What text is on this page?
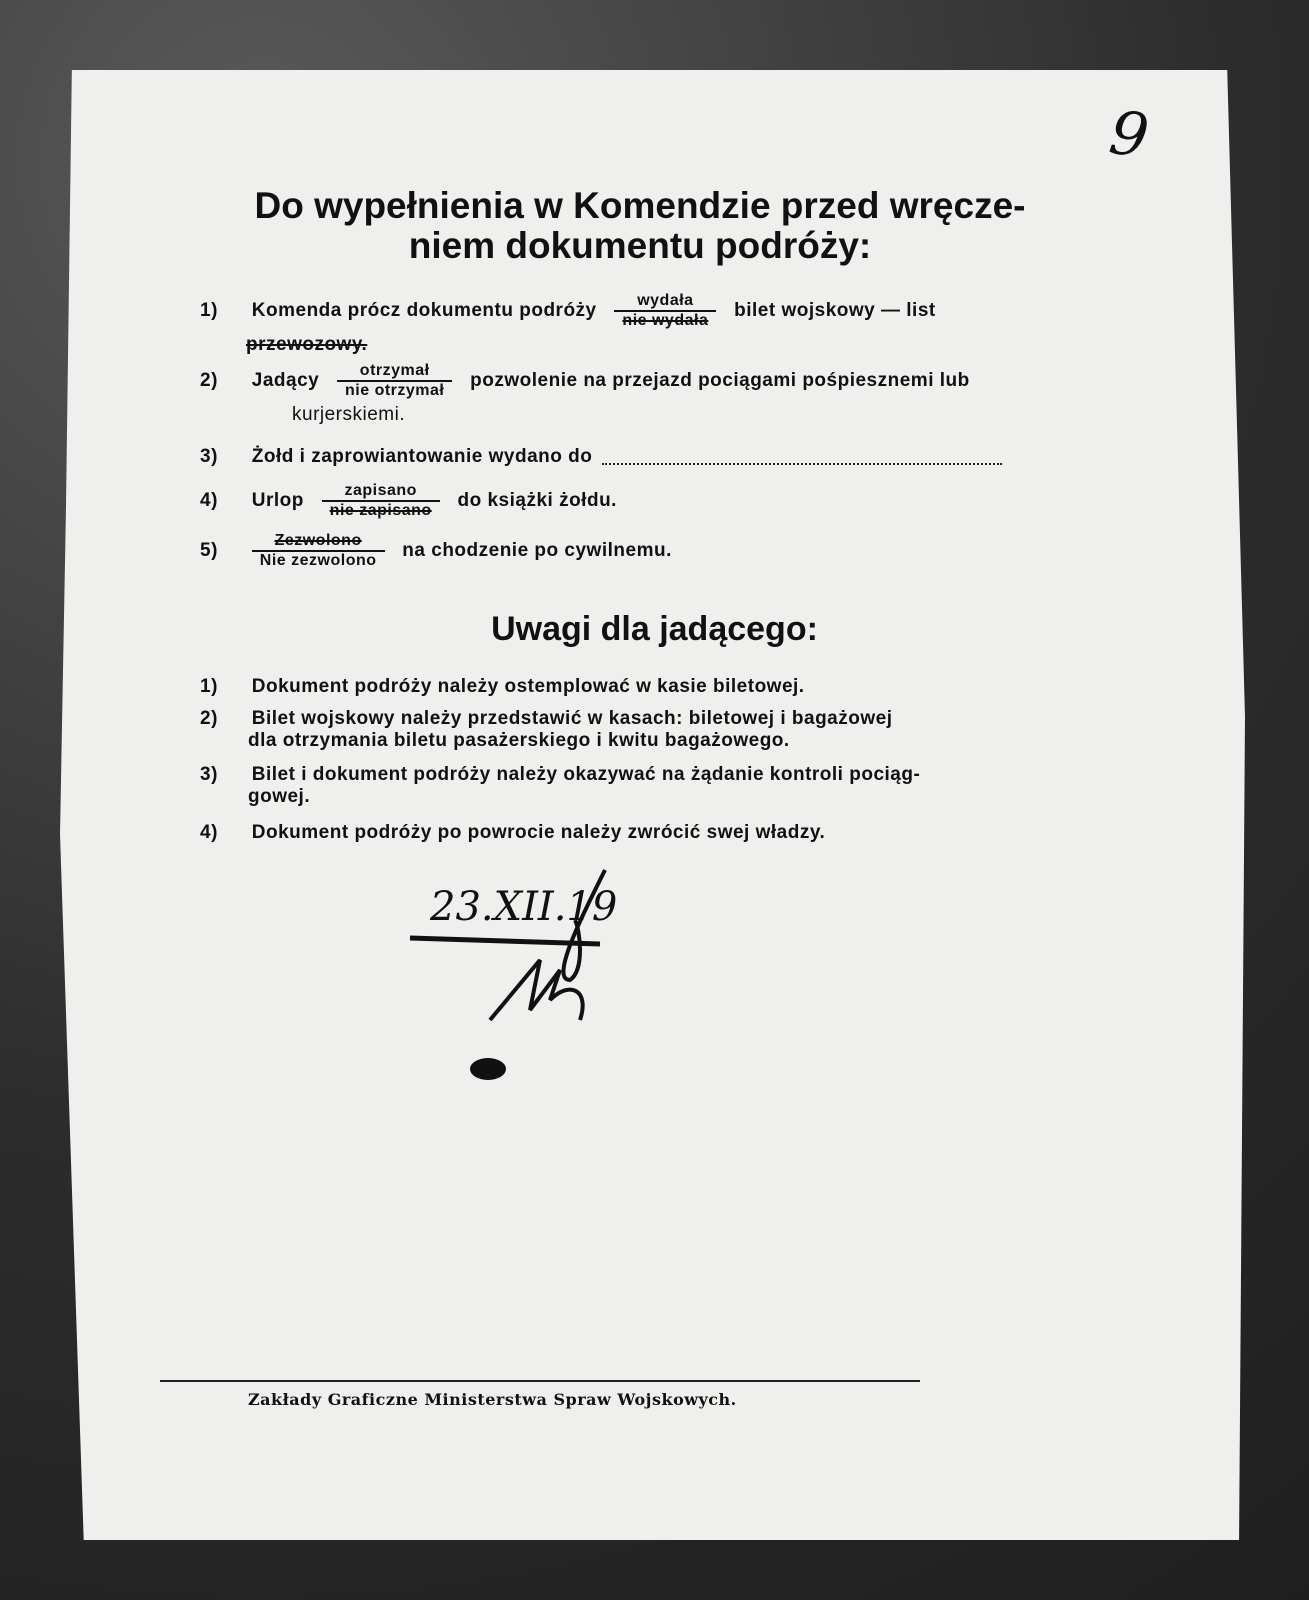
9
Do wypełnienia w Komendzie przed wręcze-
niem dokumentu podróży:
1) Komenda prócz dokumentu podróży $\frac{\text{wydała}}{\text{nie wydała}}$ bilet wojskowy — list
przewozowy.
2) Jadący $\frac{\text{otrzymał}}{\text{nie otrzymał}}$ pozwolenie na przejazd pociągami pośpiesznemi lub
kurjerskiemi.
3) Żołd i zaprowiantowanie wydano do
4) Urlop $\frac{\text{zapisano}}{\text{nie zapisano}}$ do książki żołdu.
$5) \frac{\text{Zezwolono}}{\text{Nie zezwolono}}$ na chodzenie po cywilnemu.
Uwagi dla jadącego:
1) Dokument podróży należy ostemplować w kasie biletowej.
2) Bilet wojskowy należy przedstawić w kasach: biletowej i bagażowej
dla otrzymania biletu pasażerskiego i kwitu bagażowego.
3) Bilet i dokument podróży należy okazywać na żądanie kontroli pociąg-
gowej.
4) Dokument podróży po powrocie należy zwrócić swej władzy.
23.XII.19
Zakłady Graficzne Ministerstwa Spraw Wojskowych.
